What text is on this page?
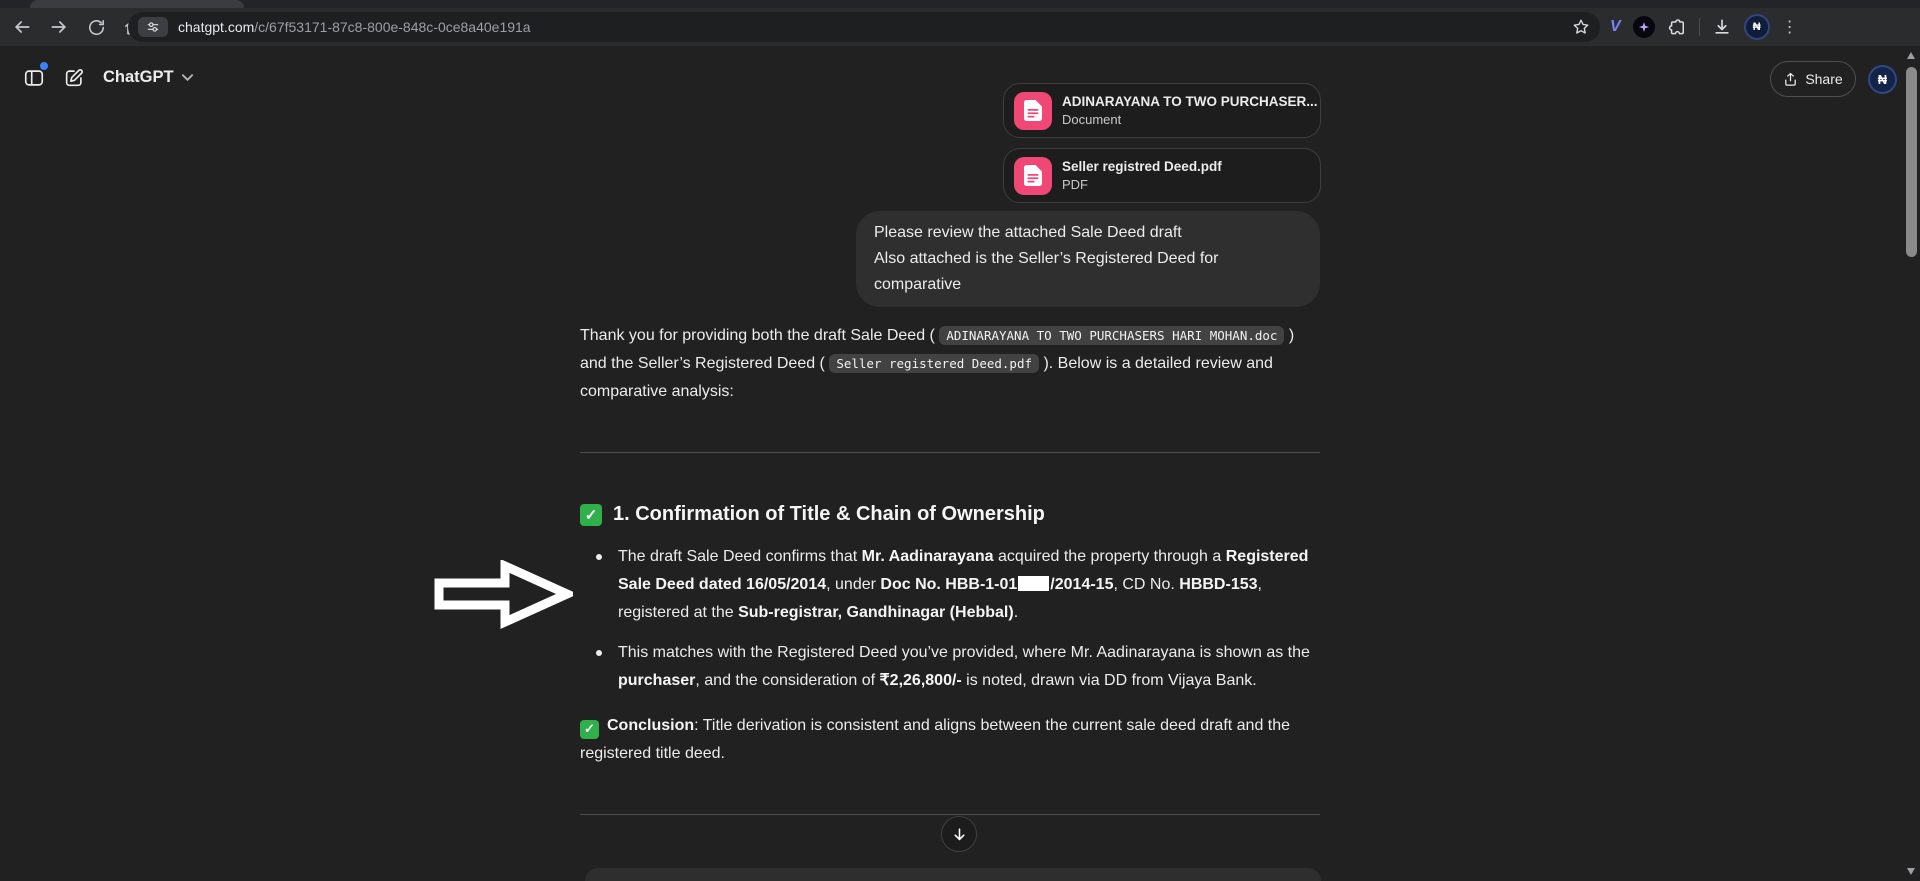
chatgpt.com/c/67f53171-87c8-800e-848c-0ce8a40e191a	V	₦	⋮
ChatGPT	Share	₦
ADINARAYANA TO TWO PURCHASER...
Document
Seller registred Deed.pdf
PDF
Please review the attached Sale Deed draft
Also attached is the Seller’s Registered Deed for comparative

Thank you for providing both the draft Sale Deed ( ADINARAYANA TO TWO PURCHASERS HARI MOHAN.doc ) and the Seller’s Registered Deed ( Seller registered Deed.pdf ). Below is a detailed review and comparative analysis:

✓
1. Confirmation of Title & Chain of Ownership
The draft Sale Deed confirms that Mr. Aadinarayana acquired the property through a Registered Sale Deed dated 16/05/2014, under Doc No. HBB-1-01 /2014-15, CD No. HBBD-153, registered at the Sub-registrar, Gandhinagar (Hebbal).
This matches with the Registered Deed you’ve provided, where Mr. Aadinarayana is shown as the purchaser, and the consideration of ₹2,26,800/- is noted, drawn via DD from Vijaya Bank.

✓Conclusion: Title derivation is consistent and aligns between the current sale deed draft and the registered title deed.
